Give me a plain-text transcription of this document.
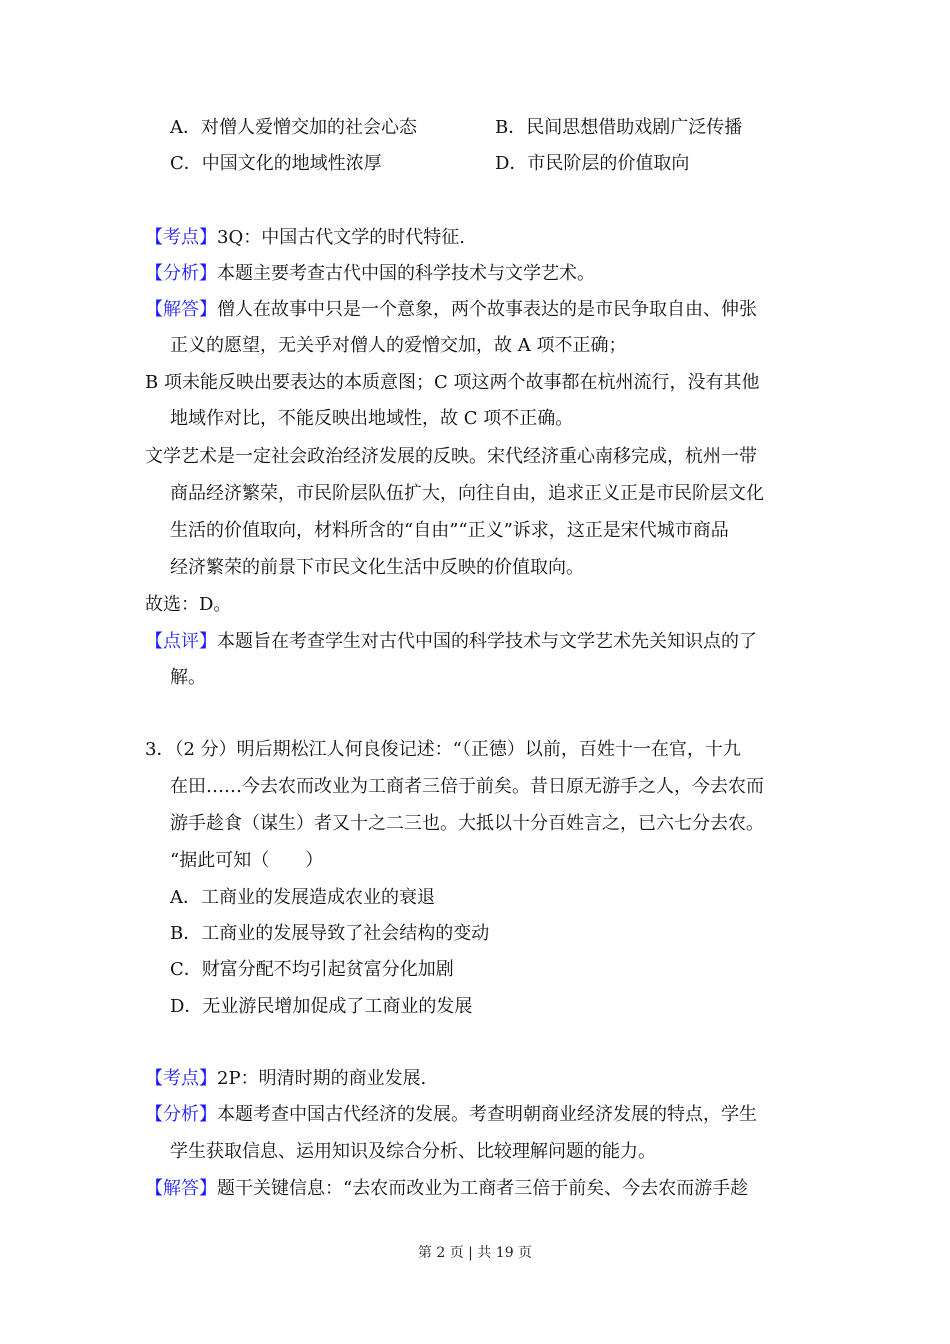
A．对僧人爱憎交加的社会心态	B．民间思想借助戏剧广泛传播
C．中国文化的地域性浓厚	D．市民阶层的价值取向
【考点】3Q：中国古代文学的时代特征.
【分析】本题主要考查古代中国的科学技术与文学艺术。
【解答】僧人在故事中只是一个意象，两个故事表达的是市民争取自由、伸张
正义的愿望，无关乎对僧人的爱憎交加，故 A 项不正确；
B 项未能反映出要表达的本质意图；C 项这两个故事都在杭州流行，没有其他
地域作对比，不能反映出地域性，故 C 项不正确。
文学艺术是一定社会政治经济发展的反映。宋代经济重心南移完成，杭州一带
商品经济繁荣，市民阶层队伍扩大，向往自由，追求正义正是市民阶层文化
生活的价值取向，材料所含的“自由”“正义”诉求，这正是宋代城市商品
经济繁荣的前景下市民文化生活中反映的价值取向。
故选：D。
【点评】本题旨在考查学生对古代中国的科学技术与文学艺术先关知识点的了
解。
3．（2 分）明后期松江人何良俊记述：“（正德）以前，百姓十一在官，十九
在田……今去农而改业为工商者三倍于前矣。昔日原无游手之人，今去农而
游手趁食（谋生）者又十之二三也。大抵以十分百姓言之，已六七分去农。
“据此可知（　　）
A．工商业的发展造成农业的衰退
B．工商业的发展导致了社会结构的变动
C．财富分配不均引起贫富分化加剧
D．无业游民增加促成了工商业的发展
【考点】2P：明清时期的商业发展.
【分析】本题考查中国古代经济的发展。考查明朝商业经济发展的特点，学生
学生获取信息、运用知识及综合分析、比较理解问题的能力。
【解答】题干关键信息：“去农而改业为工商者三倍于前矣、今去农而游手趁
第 2 页 | 共 19 页
